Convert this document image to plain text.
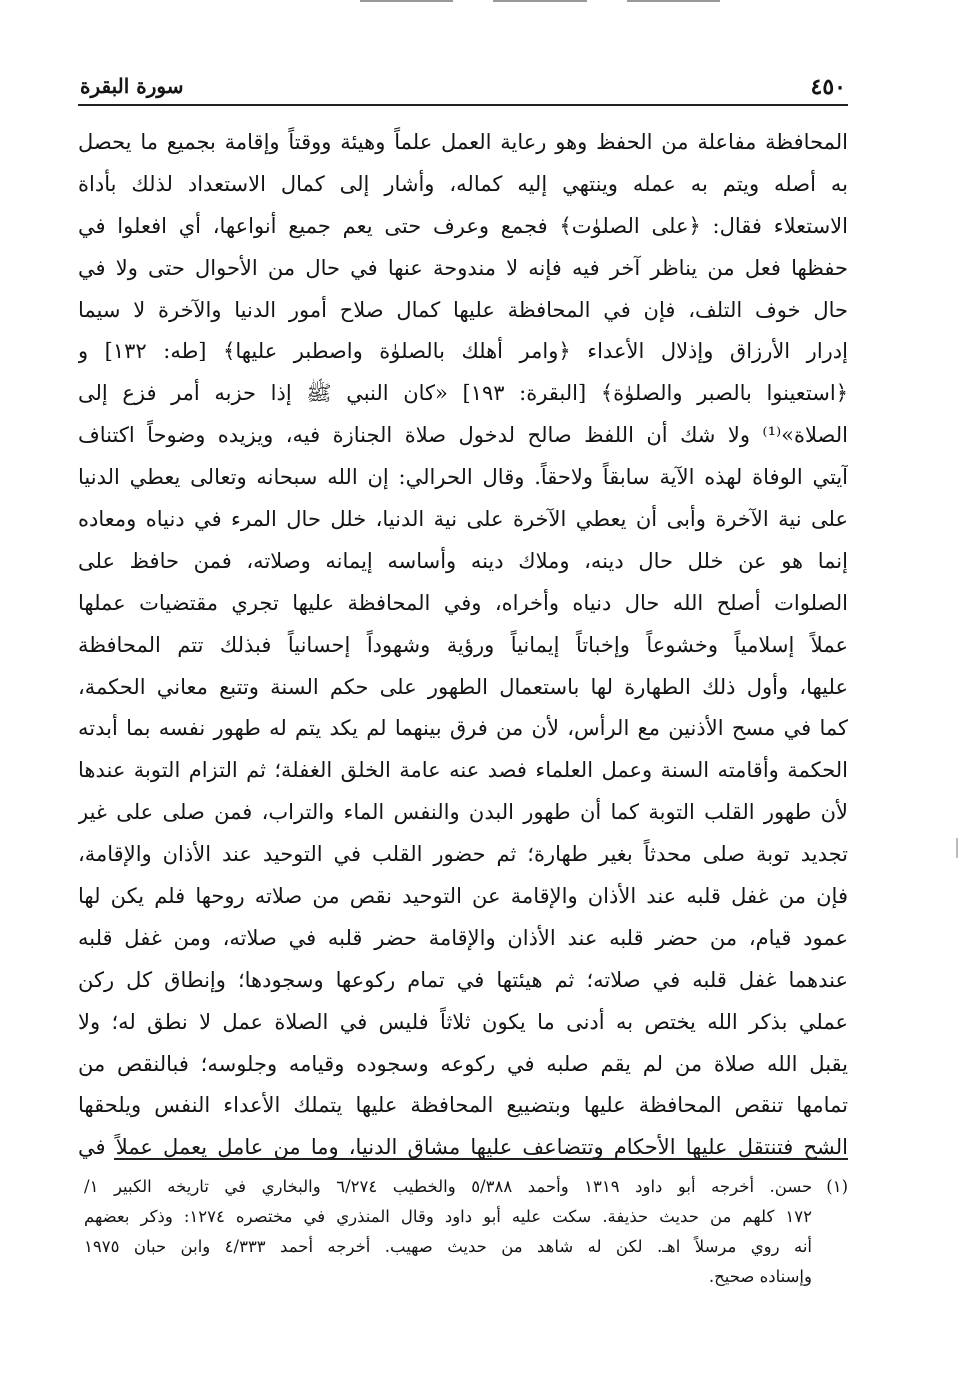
٤٥٠
سورة البقرة
المحافظة مفاعلة من الحفظ وهو رعاية العمل علماً وهيئة ووقتاً وإقامة بجميع ما يحصل
به أصله ويتم به عمله وينتهي إليه كماله، وأشار إلى كمال الاستعداد لذلك بأداة
الاستعلاء فقال: ﴿على الصلوٰت﴾ فجمع وعرف حتى يعم جميع أنواعها، أي افعلوا في
حفظها فعل من يناظر آخر فيه فإنه لا مندوحة عنها في حال من الأحوال حتى ولا في
حال خوف التلف، فإن في المحافظة عليها كمال صلاح أمور الدنيا والآخرة لا سيما
إدرار الأرزاق وإذلال الأعداء ﴿وامر أهلك بالصلوٰة واصطبر عليها﴾ [طه: ١٣٢] و
﴿استعينوا بالصبر والصلوٰة﴾ [البقرة: ١٩٣] «كان النبي ﷺ إذا حزبه أمر فزع إلى
الصلاة»⁽¹⁾ ولا شك أن اللفظ صالح لدخول صلاة الجنازة فيه، ويزيده وضوحاً اكتناف
آيتي الوفاة لهذه الآية سابقاً ولاحقاً. وقال الحرالي: إن الله سبحانه وتعالى يعطي الدنيا
على نية الآخرة وأبى أن يعطي الآخرة على نية الدنيا، خلل حال المرء في دنياه ومعاده
إنما هو عن خلل حال دينه، وملاك دينه وأساسه إيمانه وصلاته، فمن حافظ على
الصلوات أصلح الله حال دنياه وأخراه، وفي المحافظة عليها تجري مقتضيات عملها
عملاً إسلامياً وخشوعاً وإخباتاً إيمانياً ورؤية وشهوداً إحسانياً فبذلك تتم المحافظة
عليها، وأول ذلك الطهارة لها باستعمال الطهور على حكم السنة وتتبع معاني الحكمة،
كما في مسح الأذنين مع الرأس، لأن من فرق بينهما لم يكد يتم له طهور نفسه بما أبدته
الحكمة وأقامته السنة وعمل العلماء فصد عنه عامة الخلق الغفلة؛ ثم التزام التوبة عندها
لأن طهور القلب التوبة كما أن طهور البدن والنفس الماء والتراب، فمن صلى على غير
تجديد توبة صلى محدثاً بغير طهارة؛ ثم حضور القلب في التوحيد عند الأذان والإقامة،
فإن من غفل قلبه عند الأذان والإقامة عن التوحيد نقص من صلاته روحها فلم يكن لها
عمود قيام، من حضر قلبه عند الأذان والإقامة حضر قلبه في صلاته، ومن غفل قلبه
عندهما غفل قلبه في صلاته؛ ثم هيئتها في تمام ركوعها وسجودها؛ وإنطاق كل ركن
عملي بذكر الله يختص به أدنى ما يكون ثلاثاً فليس في الصلاة عمل لا نطق له؛ ولا
يقبل الله صلاة من لم يقم صلبه في ركوعه وسجوده وقيامه وجلوسه؛ فبالنقص من
تمامها تنقص المحافظة عليها وبتضييع المحافظة عليها يتملك الأعداء النفس ويلحقها
الشح فتنتقل عليها الأحكام وتتضاعف عليها مشاق الدنيا، وما من عامل يعمل عملاً في
(١)حسن. أخرجه أبو داود ١٣١٩ وأحمد ٥/٣٨٨ والخطيب ٦/٢٧٤ والبخاري في تاريخه الكبير ١/
١٧٢ كلهم من حديث حذيفة. سكت عليه أبو داود وقال المنذري في مختصره ١٢٧٤: وذكر بعضهم
أنه روي مرسلاً اهـ. لكن له شاهد من حديث صهيب. أخرجه أحمد ٤/٣٣٣ وابن حبان ١٩٧٥
وإسناده صحيح.
